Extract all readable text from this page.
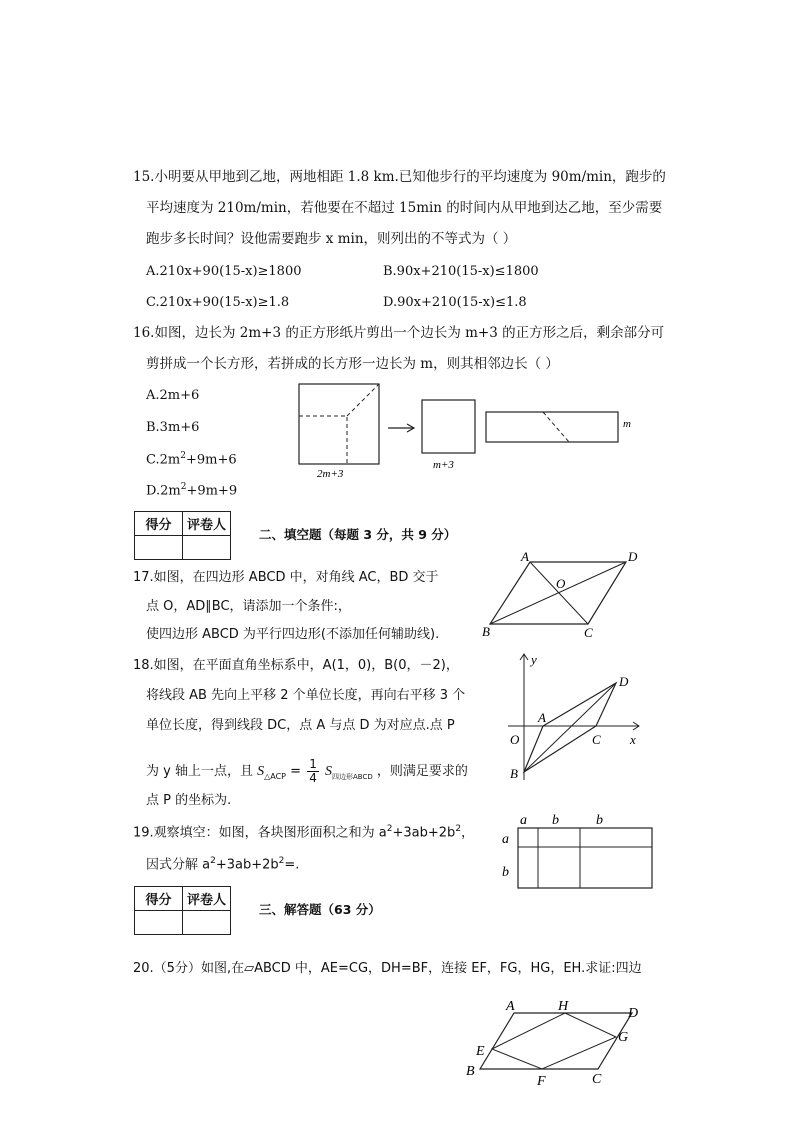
15.小明要从甲地到乙地，两地相距 1.8 km.已知他步行的平均速度为 90m/min，跑步的
平均速度为 210m/min，若他要在不超过 15min 的时间内从甲地到达乙地，至少需要
跑步多长时间？设他需要跑步 x min，则列出的不等式为（ ）
A.210x+90(15-x)≥1800	B.90x+210(15-x)≤1800
C.210x+90(15-x)≥1.8	D.90x+210(15-x)≤1.8
16.如图，边长为 2m+3 的正方形纸片剪出一个边长为 m+3 的正方形之后，剩余部分可
剪拼成一个长方形，若拼成的长方形一边长为 m，则其相邻边长（ ）
A.2m+6
B.3m+6
$C.2m^2+9m+6$
$D.2m^2+9m+9$
2m+3
m+3
m
得分	评卷人

二、填空题（每题 3 分，共 9 分）
17.如图，在四边形 ABCD 中，对角线 AC，BD 交于
点 O，AD∥BC，请添加一个条件:，
使四边形 ABCD 为平行四边形(不添加任何辅助线).
A	D
B	C
O
18.如图，在平面直角坐标系中，A(1，0)，B(0，－2)，
将线段 AB 先向上平移 2 个单位长度，再向右平移 3 个
单位长度，得到线段 DC，点 A 与点 D 为对应点.点 P
为 y 轴上一点，且 $S_{\triangle ACP} = \frac{1}{4} S_{四边形ABCD}$ ，则满足要求的
点 P 的坐标为.
y
x
O
A
B
C
D
19.观察填空：如图，各块图形面积之和为 $a^2+3ab+2b^2$，
因式分解 $a^2+3ab+2b^2=$.
a b	b
a
b
得分	评卷人

三、解答题（63 分）
20.（5分）如图,在▱ABCD 中，AE=CG，DH=BF，连接 EF，FG，HG，EH.求证:四边
A	H	D
E
G
B
F	C
